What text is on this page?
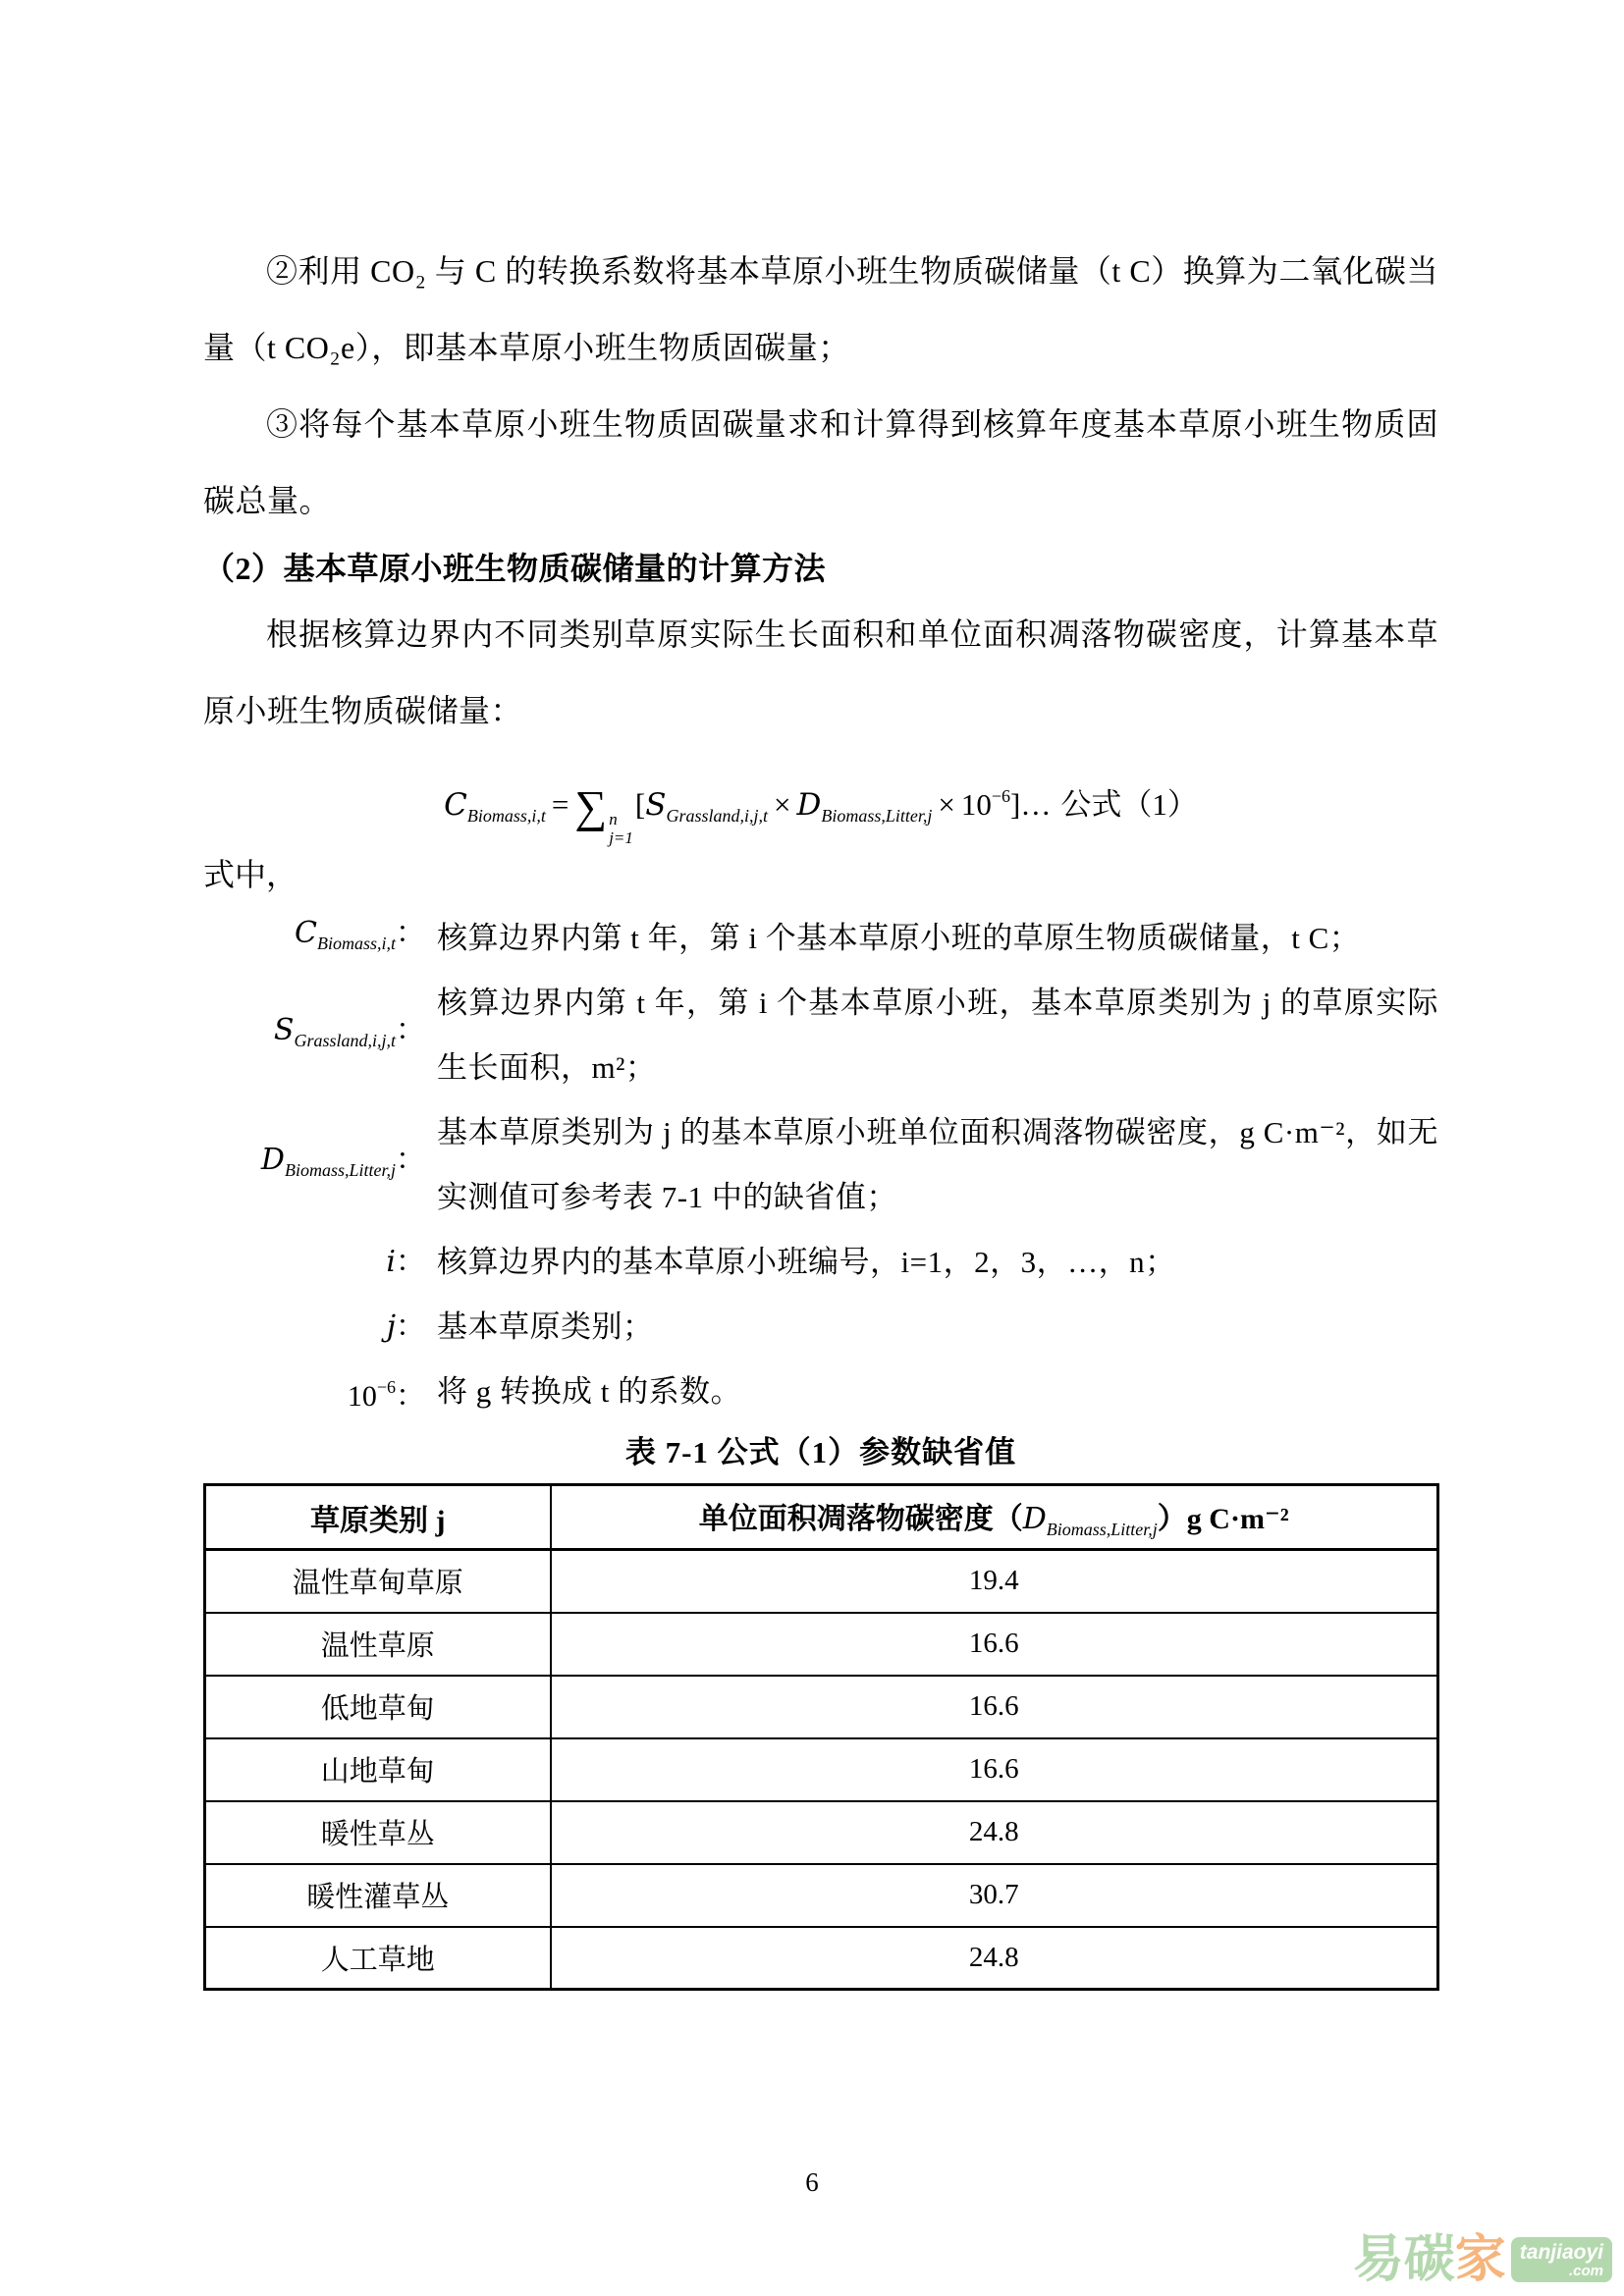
②利用 CO₂ 与 C 的转换系数将基本草原小班生物质碳储量（t C）换算为二氧化碳当量（t CO₂e），即基本草原小班生物质固碳量；

③将每个基本草原小班生物质固碳量求和计算得到核算年度基本草原小班生物质固碳总量。

（2）基本草原小班生物质碳储量的计算方法

根据核算边界内不同类别草原实际生长面积和单位面积凋落物碳密度，计算基本草原小班生物质碳储量：

$C_{Biomass,i,t}$ = ∑ n
j=1
[$S_{Grassland,i,j,t} \times D_{Biomass,Litter,j}$ × $10^{-6}]\dots$ 公式（1）

式中，

$C_{Biomass,i,t}$： 核算边界内第 t 年，第 i 个基本草原小班的草原生物质碳储量，t C；
$S_{Grassland,i,j,t}$：
核算边界内第 t 年，第 i 个基本草原小班，基本草原类别为 j 的草原实际生长面积，m²；
$D_{Biomass,Litter,j}$：
基本草原类别为 j 的基本草原小班单位面积凋落物碳密度，g C·m⁻²，如无实测值可参考表 7-1 中的缺省值；
i： 核算边界内的基本草原小班编号，i=1，2，3，…，n；
j： 基本草原类别；
$10^{-6}$： 将 g 转换成 t 的系数。

表 7-1 公式（1）参数缺省值

草原类别 j	单位面积凋落物碳密度$(D_{Biomass,Litter,j})g$ C·m⁻²
温性草甸草原	19.4
温性草原	16.6
低地草甸	16.6
山地草甸	16.6
暖性草丛	24.8
暖性灌草丛	30.7
人工草地	24.8
6
易 碳 家 tanjiaoyi
.com
